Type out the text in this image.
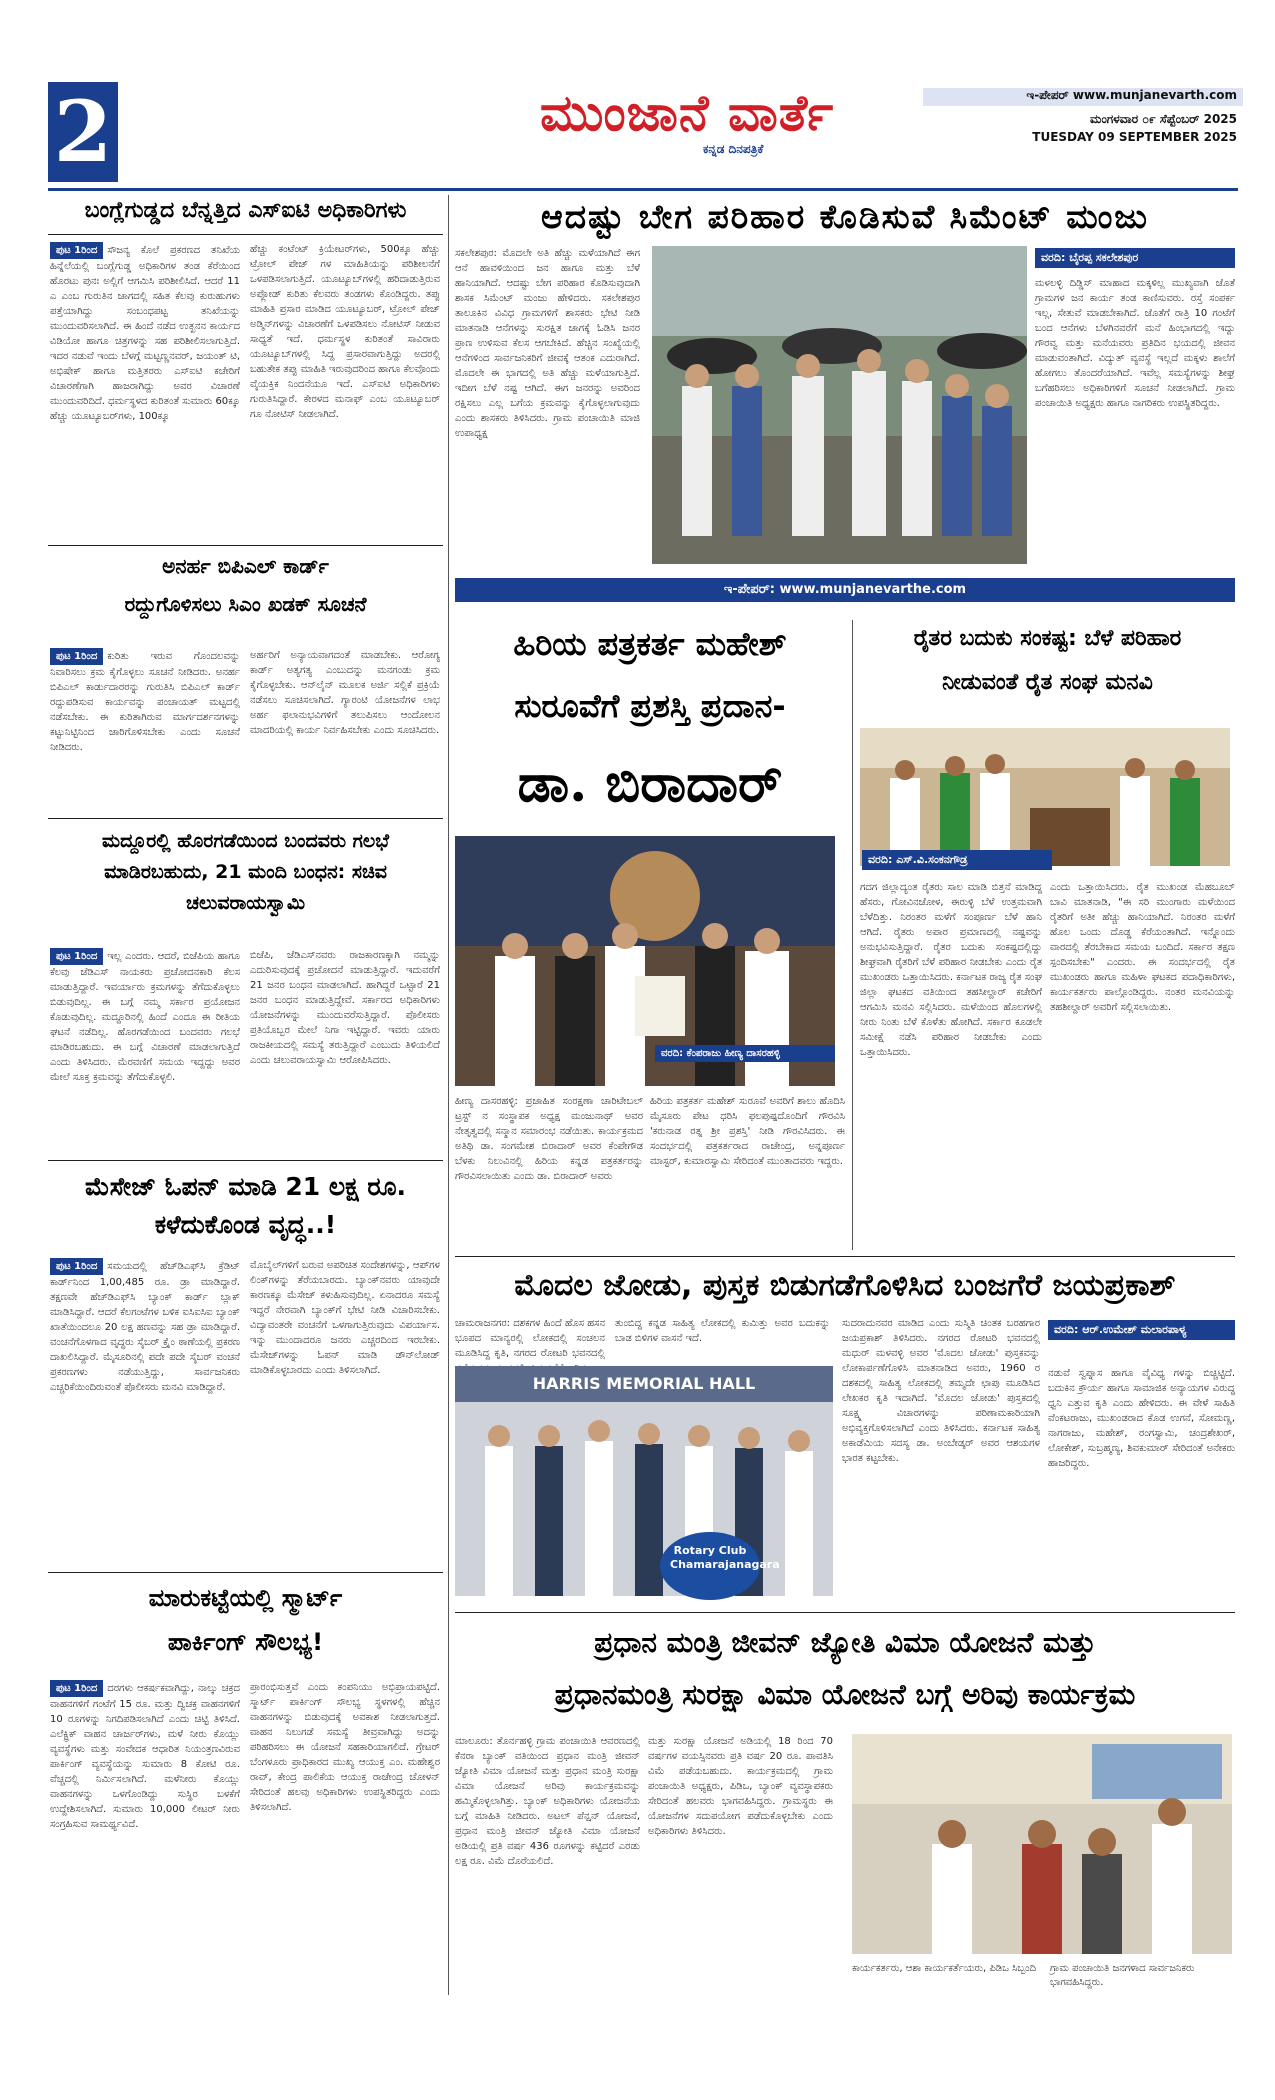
2	ಮುಂಜಾನೆ ವಾರ್ತೆ
ಕನ್ನಡ ದಿನಪತ್ರಿಕೆ
ಇ-ಪೇಪರ್ www.munjanevarth.com
ಮಂಗಳವಾರ ೦೯ ಸೆಪ್ಟೆಂಬರ್ 2025
TUESDAY 09 SEPTEMBER 2025
ಬಂಗ್ಲೆಗುಡ್ಡದ ಬೆನ್ನತ್ತಿದ ಎಸ್‌ಐಟಿ ಅಧಿಕಾರಿಗಳು
ಪುಟ 1ರಿಂದ ಸೌಜನ್ಯ ಕೊಲೆ ಪ್ರಕರಣದ ತನಿಖೆಯ ಹಿನ್ನೆಲೆಯಲ್ಲಿ ಬಂಗ್ಲೆಗುಡ್ಡ ಅಧಿಕಾರಿಗಳ ತಂಡ ಕೆರೆಯಿಂದ ಹೊರಟು ಪುನಃ ಅಲ್ಲಿಗೆ ಆಗಮಿಸಿ ಪರಿಶೀಲಿಸಿದೆ. ಆದರೆ 11 ಎ ಎಂಬ ಗುರುತಿನ ಜಾಗದಲ್ಲಿ ಸಹಿತ ಕೆಲವು ಕುರುಹುಗಳು ಪತ್ತೆಯಾಗಿದ್ದು ಸಂಬಂಧಪಟ್ಟ ತನಿಖೆಯನ್ನು ಮುಂದುವರಿಸಲಾಗಿದೆ. ಈ ಹಿಂದೆ ನಡೆದ ಉತ್ಖನನ ಕಾರ್ಯದ ವಿಡಿಯೋ ಹಾಗೂ ಚಿತ್ರಗಳನ್ನು ಸಹ ಪರಿಶೀಲಿಸಲಾಗುತ್ತಿದೆ. ಇದರ ನಡುವೆ ಇಂದು ಬೆಳಗ್ಗೆ ಮಟ್ಟಣ್ಣನವರ್, ಜಯಂತ್ ಟಿ, ಅಭಿಷೇಕ್ ಹಾಗೂ ಮತ್ತಿತರರು ಎಸ್‌ಐಟಿ ಕಚೇರಿಗೆ ವಿಚಾರಣೆಗಾಗಿ ಹಾಜರಾಗಿದ್ದು ಅವರ ವಿಚಾರಣೆ ಮುಂದುವರಿದಿದೆ. ಧರ್ಮಸ್ಥಳದ ಕುರಿತಂತೆ ಸುಮಾರು 60ಕ್ಕೂ ಹೆಚ್ಚು ಯೂಟ್ಯೂಬರ್‌ಗಳು, 100ಕ್ಕೂ
ಹೆಚ್ಚು ಕಂಟೆಂಟ್ ಕ್ರಿಯೇಟರ್‌ಗಳು, 500ಕ್ಕೂ ಹೆಚ್ಚು ಟ್ರೋಲ್ ಪೇಜ್ ಗಳ ಮಾಹಿತಿಯನ್ನು ಪರಿಶೀಲನೆಗೆ ಒಳಪಡಿಸಲಾಗುತ್ತಿದೆ. ಯೂಟ್ಯೂಬ್‌ಗಳಲ್ಲಿ ಹರಿದಾಡುತ್ತಿರುವ ಅಪ್ಲೋಡ್ ಕುರಿತು ಕೆಲವರು ತಂಡಗಳು ಕೊಂಡಿದ್ದರು. ತಪ್ಪು ಮಾಹಿತಿ ಪ್ರಸಾರ ಮಾಡಿದ ಯೂಟ್ಯೂಬರ್, ಟ್ರೋಲ್ ಪೇಜ್ ಅಡ್ಮಿನ್‌ಗಳನ್ನು ವಿಚಾರಣೆಗೆ ಒಳಪಡಿಸಲು ನೋಟಿಸ್ ನೀಡುವ ಸಾಧ್ಯತೆ ಇದೆ. ಧರ್ಮಸ್ಥಳ ಕುರಿತಂತೆ ಸಾವಿರಾರು ಯೂಟ್ಯೂಬ್‌ಗಳಲ್ಲಿ ಸಿದ್ದ ಪ್ರಸಾರವಾಗುತ್ತಿದ್ದು ಅದರಲ್ಲಿ ಬಹುತೇಕ ತಪ್ಪು ಮಾಹಿತಿ ಇರುವುದರಿಂದ ಹಾಗೂ ಕೆಲವೊಂದು ವೈಯಕ್ತಿಕ ನಿಂದನೆಯೂ ಇದೆ. ಎಸ್‌ಐಟಿ ಅಧಿಕಾರಿಗಳು ಗುರುತಿಸಿದ್ದಾರೆ. ಕೇರಳದ ಮನಾಫ್ ಎಂಬ ಯೂಟ್ಯೂಬರ್ ಗೂ ನೋಟಿಸ್ ನೀಡಲಾಗಿದೆ.
ಅನರ್ಹ ಬಿಪಿಎಲ್ ಕಾರ್ಡ್
ರದ್ದುಗೊಳಿಸಲು ಸಿಎಂ ಖಡಕ್ ಸೂಚನೆ
ಪುಟ 1ರಿಂದ ಕುರಿತು ಇರುವ ಗೊಂದಲವನ್ನು ನಿವಾರಿಸಲು ಕ್ರಮ ಕೈಗೊಳ್ಳಲು ಸೂಚನೆ ನೀಡಿದರು. ಅನರ್ಹ ಬಿಪಿಎಲ್ ಕಾರ್ಡುದಾರರನ್ನು ಗುರುತಿಸಿ ಬಿಪಿಎಲ್ ಕಾರ್ಡ್ ರದ್ದುಪಡಿಸುವ ಕಾರ್ಯವನ್ನು ಪಂಚಾಯತ್ ಮಟ್ಟದಲ್ಲಿ ನಡೆಸಬೇಕು. ಈ ಕುರಿತಾಗಿರುವ ಮಾರ್ಗದರ್ಶನಗಳನ್ನು ಕಟ್ಟುನಿಟ್ಟಿನಿಂದ ಜಾರಿಗೊಳಿಸಬೇಕು ಎಂದು ಸೂಚನೆ ನೀಡಿದರು.
ಅರ್ಹರಿಗೆ ಅನ್ಯಾಯವಾಗದಂತೆ ಮಾಡಬೇಕು. ಆರೋಗ್ಯ ಕಾರ್ಡ್ ಅತ್ಯಗತ್ಯ ಎಂಬುದನ್ನು ಮನಗಂಡು ಕ್ರಮ ಕೈಗೊಳ್ಳಬೇಕು. ಆನ್‌ಲೈನ್ ಮೂಲಕ ಅರ್ಜಿ ಸಲ್ಲಿಕೆ ಪ್ರಕ್ರಿಯೆ ನಡೆಸಲು ಸೂಚಿಸಲಾಗಿದೆ. ಗ್ಯಾರಂಟಿ ಯೋಜನೆಗಳ ಲಾಭ ಅರ್ಹ ಫಲಾನುಭವಿಗಳಿಗೆ ತಲುಪಿಸಲು ಆಂದೋಲನ ಮಾದರಿಯಲ್ಲಿ ಕಾರ್ಯ ನಿರ್ವಹಿಸಬೇಕು ಎಂದು ಸೂಚಿಸಿದರು.
ಮದ್ದೂರಲ್ಲಿ ಹೊರಗಡೆಯಿಂದ ಬಂದವರು ಗಲಭೆ ಮಾಡಿರಬಹುದು, 21 ಮಂದಿ ಬಂಧನ: ಸಚಿವ ಚಲುವರಾಯಸ್ವಾಮಿ
ಪುಟ 1ರಿಂದ ಇಲ್ಲ ಎಂದರು. ಆದರೆ, ಬಿಜೆಪಿಯ ಹಾಗೂ ಕೆಲವು ಜೆಡಿಎಸ್ ನಾಯಕರು ಪ್ರಚೋದನಕಾರಿ ಕೆಲಸ ಮಾಡುತ್ತಿದ್ದಾರೆ. ಇವರ್ಯಾರು ಕ್ರಮಗಳನ್ನು ತೆಗೆದುಕೊಳ್ಳಲು ಬಿಡುವುದಿಲ್ಲ. ಈ ಬಗ್ಗೆ ನಮ್ಮ ಸರ್ಕಾರ ಪ್ರಯೋಜನ ಕೊಡುವುದಿಲ್ಲ. ಮದ್ದೂರಿನಲ್ಲಿ ಹಿಂದೆ ಎಂದೂ ಈ ರೀತಿಯ ಘಟನೆ ನಡೆದಿಲ್ಲ. ಹೊರಗಡೆಯಿಂದ ಬಂದವರು ಗಲಭೆ ಮಾಡಿರಬಹುದು. ಈ ಬಗ್ಗೆ ವಿಚಾರಣೆ ಮಾಡಲಾಗುತ್ತಿದೆ ಎಂದು ತಿಳಿಸಿದರು. ಮೆರವಣಿಗೆ ಸಮಯ ಇದ್ದದ್ದು ಅವರ ಮೇಲೆ ಸೂಕ್ತ ಕ್ರಮವನ್ನು ತೆಗೆದುಕೊಳ್ಳಲಿ.
ಬಿಜೆಪಿ, ಜೆಡಿಎಸ್‌ನವರು ರಾಜಕಾರಣಕ್ಕಾಗಿ ನಮ್ಮನ್ನು ಎದುರಿಸುವುದಕ್ಕೆ ಪ್ರಚೋದನೆ ಮಾಡುತ್ತಿದ್ದಾರೆ. ಇದುವರೆಗೆ 21 ಜನರ ಬಂಧನ ಮಾಡಲಾಗಿದೆ. ಹಾಗಿದ್ದರೆ ಒಟ್ಟಾರೆ 21 ಜನರ ಬಂಧನ ಮಾಡುತ್ತಿದ್ದೇವೆ. ಸರ್ಕಾರದ ಅಧಿಕಾರಿಗಳು ಯೋಜನೆಗಳನ್ನು ಮುಂದುವರೆಸುತ್ತಿದ್ದಾರೆ. ಪೊಲೀಸರು ಪ್ರತಿಯೊಬ್ಬರ ಮೇಲೆ ನಿಗಾ ಇಟ್ಟಿದ್ದಾರೆ. ಇವರು ಯಾರು ರಾಜಕೀಯದಲ್ಲಿ ಸಮಸ್ಯೆ ತರುತ್ತಿದ್ದಾರೆ ಎಂಬುದು ತಿಳಿಯಲಿದೆ ಎಂದು ಚಲುವರಾಯಸ್ವಾಮಿ ಆರೋಪಿಸಿದರು.
ಮೆಸೇಜ್ ಓಪನ್ ಮಾಡಿ 21 ಲಕ್ಷ ರೂ. ಕಳೆದುಕೊಂಡ ವೃದ್ಧ..!
ಪುಟ 1ರಿಂದ ಸಮಯದಲ್ಲಿ ಹೆಚ್‌ಡಿಎಫ್‌ಸಿ ಕ್ರೆಡಿಟ್ ಕಾರ್ಡ್‌ನಿಂದ 1,00,485 ರೂ. ಡ್ರಾ ಮಾಡಿದ್ದಾರೆ. ತಕ್ಷಣವೇ ಹೆಚ್‌ಡಿಎಫ್‌ಸಿ ಬ್ಯಾಂಕ್ ಕಾರ್ಡ್ ಬ್ಲಾಕ್ ಮಾಡಿಸಿದ್ದಾರೆ. ಆದರೆ ಕೆಲಗಂಟೆಗಳ ಬಳಿಕ ಐಸಿಐಸಿಐ ಬ್ಯಾಂಕ್ ಖಾತೆಯಿಂದಲೂ 20 ಲಕ್ಷ ಹಣವನ್ನು ಸಹ ಡ್ರಾ ಮಾಡಿದ್ದಾರೆ. ವಂಚನೆಗೊಳಗಾದ ವೃದ್ಧರು ಸೈಬರ್ ಕ್ರೈಂ ಠಾಣೆಯಲ್ಲಿ ಪ್ರಕರಣ ದಾಖಲಿಸಿದ್ದಾರೆ. ಮೈಸೂರಿನಲ್ಲಿ ಪದೇ ಪದೇ ಸೈಬರ್ ವಂಚನೆ ಪ್ರಕರಣಗಳು ನಡೆಯುತ್ತಿದ್ದು, ಸಾರ್ವಜನಿಕರು ಎಚ್ಚರಿಕೆಯಿಂದಿರುವಂತೆ ಪೊಲೀಸರು ಮನವಿ ಮಾಡಿದ್ದಾರೆ.
ಮೊಬೈಲ್‌ಗಳಿಗೆ ಬರುವ ಅಪರಿಚಿತ ಸಂದೇಶಗಳನ್ನು, ಆಪ್‌ಗಳ ಲಿಂಕ್‌ಗಳನ್ನು ತೆರೆಯಬಾರದು. ಬ್ಯಾಂಕ್‌ನವರು ಯಾವುದೇ ಕಾರಣಕ್ಕೂ ಮೆಸೇಜ್ ಕಳುಹಿಸುವುದಿಲ್ಲ. ಏನಾದರೂ ಸಮಸ್ಯೆ ಇದ್ದರೆ ನೇರವಾಗಿ ಬ್ಯಾಂಕ್‌ಗೆ ಭೇಟಿ ನೀಡಿ ವಿಚಾರಿಸಬೇಕು. ವಿದ್ಯಾವಂತರೇ ವಂಚನೆಗೆ ಒಳಗಾಗುತ್ತಿರುವುದು ವಿಪರ್ಯಾಸ. ಇನ್ನು ಮುಂದಾದರೂ ಜನರು ಎಚ್ಚರದಿಂದ ಇರಬೇಕು. ಮೆಸೇಜ್‌ಗಳನ್ನು ಓಪನ್ ಮಾಡಿ ಡೌನ್‌ಲೋಡ್ ಮಾಡಿಕೊಳ್ಳಬಾರದು ಎಂದು ತಿಳಿಸಲಾಗಿದೆ.
ಮಾರುಕಟ್ಟೆಯಲ್ಲಿ ಸ್ಮಾರ್ಟ್
ಪಾರ್ಕಿಂಗ್ ಸೌಲಭ್ಯ!
ಪುಟ 1ರಿಂದ ದರಗಳು ಆಕರ್ಷಕವಾಗಿದ್ದು, ನಾಲ್ಕು ಚಕ್ರದ ವಾಹನಗಳಿಗೆ ಗಂಟೆಗೆ 15 ರೂ. ಮತ್ತು ದ್ವಿಚಕ್ರ ವಾಹನಗಳಿಗೆ 10 ರೂಗಳನ್ನು ನಿಗದಿಪಡಿಸಲಾಗಿದೆ ಎಂದು ಚಿಟ್ಟಿ ತಿಳಿಸಿದೆ. ಎಲೆಕ್ಟ್ರಿಕ್ ವಾಹನ ಚಾರ್ಜರ್‌ಗಳು, ಮಳೆ ನೀರು ಕೊಯ್ಲು ವ್ಯವಸ್ಥೆಗಳು ಮತ್ತು ಸಂವೇದಕ ಆಧಾರಿತ ನಿಯಂತ್ರಣವಿರುವ ಪಾರ್ಕಿಂಗ್ ವ್ಯವಸ್ಥೆಯನ್ನು ಸುಮಾರು 8 ಕೋಟಿ ರೂ. ವೆಚ್ಚದಲ್ಲಿ ನಿರ್ಮಿಸಲಾಗಿದೆ. ಮಳೆನೀರು ಕೊಯ್ಲು ವಾಹನಗಳನ್ನು ಒಳಗೊಂಡಿದ್ದು ಸುಸ್ಥಿರ ಬಳಕೆಗೆ ಉದ್ದೇಶಿಸಲಾಗಿದೆ. ಸುಮಾರು 10,000 ಲೀಟರ್ ನೀರು ಸಂಗ್ರಹಿಸುವ ಸಾಮರ್ಥ್ಯವಿದೆ.
ಪ್ರಾರಂಭಿಸುತ್ತವೆ ಎಂದು ಕಂಪನಿಯು ಅಭಿಪ್ರಾಯಪಟ್ಟಿದೆ. ಸ್ಮಾರ್ಟ್ ಪಾರ್ಕಿಂಗ್ ಸೌಲಭ್ಯ ಸ್ಥಳಗಳಲ್ಲಿ ಹೆಚ್ಚಿನ ವಾಹನಗಳನ್ನು ಬಿಡುವುದಕ್ಕೆ ಅವಕಾಶ ನೀಡಲಾಗುತ್ತದೆ. ವಾಹನ ನಿಲುಗಡೆ ಸಮಸ್ಯೆ ತೀವ್ರವಾಗಿದ್ದು ಅದನ್ನು ಪರಿಹರಿಸಲು ಈ ಯೋಜನೆ ಸಹಕಾರಿಯಾಗಲಿದೆ. ಗ್ರೇಟರ್ ಬೆಂಗಳೂರು ಪ್ರಾಧಿಕಾರದ ಮುಖ್ಯ ಆಯುಕ್ತ ಎಂ. ಮಹೇಶ್ವರ ರಾವ್, ಕೇಂದ್ರ ಪಾಲಿಕೆಯ ಆಯುಕ್ತ ರಾಜೇಂದ್ರ ಚೋಳನ್ ಸೇರಿದಂತೆ ಹಲವು ಅಧಿಕಾರಿಗಳು ಉಪಸ್ಥಿತರಿದ್ದರು ಎಂದು ತಿಳಿಸಲಾಗಿದೆ.
ಆದಷ್ಟು ಬೇಗ ಪರಿಹಾರ ಕೊಡಿಸುವೆ ಸಿಮೆಂಟ್ ಮಂಜು
ಸಕಲೇಶಪುರ: ಮೊದಲೇ ಅತಿ ಹೆಚ್ಚು ಮಳೆಯಾಗಿದೆ ಈಗ ಆನೆ ಹಾವಳಿಯಿಂದ ಜನ ಹಾಗೂ ಮತ್ತು ಬೆಳೆ ಹಾನಿಯಾಗಿದೆ. ಆದಷ್ಟು ಬೇಗ ಪರಿಹಾರ ಕೊಡಿಸುವುದಾಗಿ ಶಾಸಕ ಸಿಮೆಂಟ್ ಮಂಜು ಹೇಳಿದರು. ಸಕಲೇಶಪುರ ತಾಲೂಕಿನ ವಿವಿಧ ಗ್ರಾಮಗಳಿಗೆ ಶಾಸಕರು ಭೇಟಿ ನೀಡಿ ಮಾತನಾಡಿ ಆನೆಗಳನ್ನು ಸುರಕ್ಷಿತ ಜಾಗಕ್ಕೆ ಓಡಿಸಿ ಜನರ ಪ್ರಾಣ ಉಳಿಸುವ ಕೆಲಸ ಆಗಬೇಕಿದೆ. ಹೆಚ್ಚಿನ ಸಂಖ್ಯೆಯಲ್ಲಿ ಆನೆಗಳಿಂದ ಸಾರ್ವಜನಿಕರಿಗೆ ಜೀವಕ್ಕೆ ಆತಂಕ ಎದುರಾಗಿದೆ. ಮೊದಲೇ ಈ ಭಾಗದಲ್ಲಿ ಅತಿ ಹೆಚ್ಚು ಮಳೆಯಾಗುತ್ತಿದೆ. ಇದೀಗ ಬೆಳೆ ನಷ್ಟ ಆಗಿದೆ. ಈಗ ಜನರನ್ನು ಅವರಿಂದ ರಕ್ಷಿಸಲು ಎಲ್ಲ ಬಗೆಯ ಕ್ರಮವನ್ನು ಕೈಗೊಳ್ಳಲಾಗುವುದು ಎಂದು ಶಾಸಕರು ತಿಳಿಸಿದರು. ಗ್ರಾಮ ಪಂಚಾಯಿತಿ ಮಾಜಿ ಉಪಾಧ್ಯಕ್ಷ
ವರದಿ: ಬೈರಪ್ಪ ಸಕಲೇಶಪುರ
ಮಳಲಳ್ಳಿ ದಿಡ್ಡಿಸ್ ಮಾಹಾದ ಮಕ್ಕಳಿಲ್ಲ ಮುಖ್ಯವಾಗಿ ಜೊತೆ ಗ್ರಾಮಗಳ ಜನ ಕಾರ್ಯ ತಂಡ ಕಾಣಿಸುವರು. ರಸ್ತೆ ಸಂಪರ್ಕ ಇಲ್ಲ, ಸೇತುವೆ ಮಾಡಬೇಕಾಗಿದೆ. ಜೊತೆಗೆ ರಾತ್ರಿ 10 ಗಂಟೆಗೆ ಬಂದ ಆನೆಗಳು ಬೆಳಗಿನವರೆಗೆ ಮನೆ ಹಿಂಭಾಗದಲ್ಲಿ ಇದ್ದು ಗೌರವ್ವ ಮತ್ತು ಮನೆಯವರು ಪ್ರತಿದಿನ ಭಯದಲ್ಲಿ ಜೀವನ ಮಾಡುವಂತಾಗಿದೆ. ವಿದ್ಯುತ್ ವ್ಯವಸ್ಥೆ ಇಲ್ಲದೆ ಮಕ್ಕಳು ಶಾಲೆಗೆ ಹೋಗಲು ತೊಂದರೆಯಾಗಿದೆ. ಇವೆಲ್ಲ ಸಮಸ್ಯೆಗಳನ್ನು ಶೀಘ್ರ ಬಗೆಹರಿಸಲು ಅಧಿಕಾರಿಗಳಿಗೆ ಸೂಚನೆ ನೀಡಲಾಗಿದೆ. ಗ್ರಾಮ ಪಂಚಾಯಿತಿ ಅಧ್ಯಕ್ಷರು ಹಾಗೂ ನಾಗರಿಕರು ಉಪಸ್ಥಿತರಿದ್ದರು.
ಇ-ಪೇಪರ್: www.munjanevarthe.com
ಹಿರಿಯ ಪತ್ರಕರ್ತ ಮಹೇಶ್
ಸುರೂವೆಗೆ ಪ್ರಶಸ್ತಿ ಪ್ರದಾನ-
ಡಾ. ಬಿರಾದಾರ್
ವರದಿ: ಕೆಂಪರಾಜು ಹೀಣ್ಯ ದಾಸರಹಳ್ಳಿ
ಹೀಣ್ಯ ದಾಸರಹಳ್ಳಿ: ಪ್ರಜಾಹಿತ ಸಂರಕ್ಷಣಾ ಚಾರಿಟೇಬಲ್ ಟ್ರಸ್ಟ್ ನ ಸಂಸ್ಥಾಪಕ ಅಧ್ಯಕ್ಷ ಮಂಜುನಾಥ್ ಅವರ ನೇತೃತ್ವದಲ್ಲಿ ಸನ್ಮಾನ ಸಮಾರಂಭ ನಡೆಯಿತು. ಕಾರ್ಯಕ್ರಮದ ಅತಿಥಿ ಡಾ. ಸಂಗಮೇಶ ಬಿರಾದಾರ್ ಅವರ ಕೆಂಪೇಗೌಡ ಬೆಳಕು ನಿಲುವಿನಲ್ಲಿ ಹಿರಿಯ ಕನ್ನಡ ಪತ್ರಕರ್ತರನ್ನು ಗೌರವಿಸಲಾಯಿತು ಎಂದು ಡಾ. ಬಿರಾದಾರ್ ಅವರು
ಹಿರಿಯ ಪತ್ರಕರ್ತ ಮಹೇಶ್ ಸುರೂವೆ ಅವರಿಗೆ ಶಾಲು ಹೊದಿಸಿ ಮೈಸೂರು ಪೇಟ ಧರಿಸಿ ಫಲಪುಷ್ಪದೊಂದಿಗೆ ಗೌರವಿಸಿ 'ಕರುನಾಡ ರತ್ನ ಶ್ರೀ ಪ್ರಶಸ್ತಿ' ನೀಡಿ ಗೌರವಿಸಿದರು. ಈ ಸಂದರ್ಭದಲ್ಲಿ ಪತ್ರಕರ್ತರಾದ ರಾಜೇಂದ್ರ, ಅನ್ನಪೂರ್ಣ ಮಾಸ್ಟರ್, ಕುಮಾರಸ್ವಾಮಿ ಸೇರಿದಂತೆ ಮುಂತಾದವರು ಇದ್ದರು.
ರೈತರ ಬದುಕು ಸಂಕಷ್ಟ: ಬೆಳೆ ಪರಿಹಾರ
ನೀಡುವಂತೆ ರೈತ ಸಂಘ ಮನವಿ
ವರದಿ: ಎಸ್.ವಿ.ಸಂಕನಗೌಡ್ರ
ಗದಗ ಜಿಲ್ಲಾದ್ಯಂತ ರೈತರು ಸಾಲ ಮಾಡಿ ಬಿತ್ತನೆ ಮಾಡಿದ್ದ ಹೆಸರು, ಗೋವಿನಜೋಳ, ಈರುಳ್ಳಿ ಬೆಳೆ ಉತ್ತಮವಾಗಿ ಬೆಳೆದಿತ್ತು. ನಿರಂತರ ಮಳೆಗೆ ಸಂಪೂರ್ಣ ಬೆಳೆ ಹಾನಿ ಆಗಿದೆ. ರೈತರು ಅಪಾರ ಪ್ರಮಾಣದಲ್ಲಿ ನಷ್ಟವನ್ನು ಅನುಭವಿಸುತ್ತಿದ್ದಾರೆ. ರೈತರ ಬದುಕು ಸಂಕಷ್ಟದಲ್ಲಿದ್ದು ಶೀಘ್ರವಾಗಿ ರೈತರಿಗೆ ಬೆಳೆ ಪರಿಹಾರ ನೀಡಬೇಕು ಎಂದು ರೈತ ಮುಖಂಡರು ಒತ್ತಾಯಿಸಿದರು. ಕರ್ನಾಟಕ ರಾಜ್ಯ ರೈತ ಸಂಘ ಜಿಲ್ಲಾ ಘಟಕದ ವತಿಯಿಂದ ತಹಸೀಲ್ದಾರ್ ಕಚೇರಿಗೆ ಆಗಮಿಸಿ ಮನವಿ ಸಲ್ಲಿಸಿದರು. ಮಳೆಯಿಂದ ಹೊಲಗಳಲ್ಲಿ ನೀರು ನಿಂತು ಬೆಳೆ ಕೊಳೆತು ಹೋಗಿದೆ. ಸರ್ಕಾರ ಕೂಡಲೇ ಸಮೀಕ್ಷೆ ನಡೆಸಿ ಪರಿಹಾರ ನೀಡಬೇಕು ಎಂದು ಒತ್ತಾಯಿಸಿದರು.
ಎಂದು ಒತ್ತಾಯಿಸಿದರು. ರೈತ ಮುಖಂಡ ಮೆಹಬೂಬ್ ಬಾವಿ ಮಾತನಾಡಿ, "ಈ ಸರಿ ಮುಂಗಾರು ಮಳೆಯಿಂದ ರೈತರಿಗೆ ಅತೀ ಹೆಚ್ಚು ಹಾನಿಯಾಗಿದೆ. ನಿರಂತರ ಮಳೆಗೆ ಹೊಲ ಒಂದು ದೊಡ್ಡ ಕೆರೆಯಂತಾಗಿದೆ. ಇನ್ನೊಂದು ವಾರದಲ್ಲಿ ತೆರಬೇಕಾದ ಸಮಯ ಬಂದಿದೆ. ಸರ್ಕಾರ ತಕ್ಷಣ ಸ್ಪಂದಿಸಬೇಕು" ಎಂದರು. ಈ ಸಂದರ್ಭದಲ್ಲಿ ರೈತ ಮುಖಂಡರು ಹಾಗೂ ಮಹಿಳಾ ಘಟಕದ ಪದಾಧಿಕಾರಿಗಳು, ಕಾರ್ಯಕರ್ತರು ಪಾಲ್ಗೊಂಡಿದ್ದರು. ನಂತರ ಮನವಿಯನ್ನು ತಹಶೀಲ್ದಾರ್ ಅವರಿಗೆ ಸಲ್ಲಿಸಲಾಯಿತು.
ಮೊದಲ ಜೋಡು, ಪುಸ್ತಕ ಬಿಡುಗಡೆಗೊಳಿಸಿದ ಬಂಜಗೆರೆ ಜಯಪ್ರಕಾಶ್
ಚಾಮರಾಜನಗರ: ದಶಕಗಳ ಹಿಂದೆ ಹೊಸ ಹಸನ ಭೂಪದ ಮಾನ್ಯರಲ್ಲಿ ಲೋಕದಲ್ಲಿ ಸಂಚಲನ ಮೂಡಿಸಿದ್ದ ಕೃತಿ, ನಗರದ ರೋಟರಿ ಭವನದಲ್ಲಿ
ತುಂಬಿದ್ದ ಕನ್ನಡ ಸಾಹಿತ್ಯ ಲೋಕದಲ್ಲಿ ಕುಮಿತ್ತು ಅವರ ಬದುಕನ್ನು ಬಾಡ ಬಿಳಿಗಳ ವಾಸನೆ ಇದೆ.
HARRIS MEMORIAL HALL
Rotary Club Chamarajanagara
ಸುದರಾದುನವರ ಮಾಡಿದ ಎಂದು ಸುಸ್ಮಿತಿ ಚಿಂತಕ ಬರಹಗಾರ ಜಯಪ್ರಕಾಶ್ ತಿಳಿಸಿದರು. ನಗರದ ರೋಟರಿ ಭವನದಲ್ಲಿ ಮಧುರ್ ಮಳವಳ್ಳಿ ಅವರ 'ಮೊದಲ ಜೋಡು' ಪುಸ್ತಕವನ್ನು ಲೋಕಾರ್ಪಣೆಗೊಳಿಸಿ ಮಾತನಾಡಿದ ಅವರು, 1960 ರ ದಶಕದಲ್ಲಿ ಸಾಹಿತ್ಯ ಲೋಕದಲ್ಲಿ ತಮ್ಮದೇ ಛಾಪು ಮೂಡಿಸಿದ ಲೇಖಕರ ಕೃತಿ ಇದಾಗಿದೆ. 'ಮೊದಲ ಜೋಡು' ಪುಸ್ತಕದಲ್ಲಿ ಸೂಕ್ಷ್ಮ ವಿಚಾರಗಳನ್ನು ಪರಿಣಾಮಕಾರಿಯಾಗಿ ಅಭಿವ್ಯಕ್ತಗೊಳಿಸಲಾಗಿದೆ ಎಂದು ತಿಳಿಸಿದರು. ಕರ್ನಾಟಕ ಸಾಹಿತ್ಯ ಅಕಾಡೆಮಿಯ ಸದಸ್ಯ ಡಾ. ಅಂಬೇಡ್ಕರ್ ಅವರ ಆಶಯಗಳ ಭಾರತ ಕಟ್ಟಬೇಕು.
ವರದಿ: ಆರ್.ಉಮೇಶ್ ಮಲಾರಪಾಳ್ಯ
ನಡುವೆ ಸ್ವಪ್ನಾಸ ಹಾಗೂ ವೈವಿಧ್ಯ ಗಳನ್ನು ಬಿಚ್ಚಿಟ್ಟಿದೆ. ಬದುಕಿನ ಕ್ರೌರ್ಯ ಹಾಗೂ ಸಾಮಾಜಿಕ ಅನ್ಯಾಯಗಳ ವಿರುದ್ಧ ಧ್ವನಿ ಎತ್ತುವ ಕೃತಿ ಎಂದು ಹೇಳಿದರು. ಈ ವೇಳೆ ಸಾಹಿತಿ ವೆಂಕಟರಾಜು, ಮುಖಂಡರಾದ ಕೊಡ ಉಗನೆ, ಸೋಮಣ್ಣ, ನಾಗರಾಜು, ಮಹೇಶ್, ರಂಗಸ್ವಾಮಿ, ಚಂದ್ರಶೇಖರ್, ಲೋಕೇಶ್, ಸುಬ್ರಹ್ಮಣ್ಯ, ಶಿವಕುಮಾರ್ ಸೇರಿದಂತೆ ಅನೇಕರು ಹಾಜರಿದ್ದರು.
ಪ್ರಧಾನ ಮಂತ್ರಿ ಜೀವನ್ ಜ್ಯೋತಿ ವಿಮಾ ಯೋಜನೆ ಮತ್ತು
ಪ್ರಧಾನಮಂತ್ರಿ ಸುರಕ್ಷಾ ವಿಮಾ ಯೋಜನೆ ಬಗ್ಗೆ ಅರಿವು ಕಾರ್ಯಕ್ರಮ
ಮಾಲೂರು: ತೊರ್ನಹಳ್ಳಿ ಗ್ರಾಮ ಪಂಚಾಯಿತಿ ಆವರಣದಲ್ಲಿ ಕೆನರಾ ಬ್ಯಾಂಕ್ ವತಿಯಿಂದ ಪ್ರಧಾನ ಮಂತ್ರಿ ಜೀವನ್ ಜ್ಯೋತಿ ವಿಮಾ ಯೋಜನೆ ಮತ್ತು ಪ್ರಧಾನ ಮಂತ್ರಿ ಸುರಕ್ಷಾ ವಿಮಾ ಯೋಜನೆ ಅರಿವು ಕಾರ್ಯಕ್ರಮವನ್ನು ಹಮ್ಮಿಕೊಳ್ಳಲಾಗಿತ್ತು. ಬ್ಯಾಂಕ್ ಅಧಿಕಾರಿಗಳು ಯೋಜನೆಯ ಬಗ್ಗೆ ಮಾಹಿತಿ ನೀಡಿದರು. ಅಟಲ್ ಪೆನ್ಷನ್ ಯೋಜನೆ, ಪ್ರಧಾನ ಮಂತ್ರಿ ಜೀವನ್ ಜ್ಯೋತಿ ವಿಮಾ ಯೋಜನೆ ಅಡಿಯಲ್ಲಿ ಪ್ರತಿ ವರ್ಷ 436 ರೂಗಳನ್ನು ಕಟ್ಟಿದರೆ ಎರಡು ಲಕ್ಷ ರೂ. ವಿಮೆ ದೊರೆಯಲಿದೆ.
ಮತ್ತು ಸುರಕ್ಷಾ ಯೋಜನೆ ಅಡಿಯಲ್ಲಿ 18 ರಿಂದ 70 ವರ್ಷಗಳ ವಯಸ್ಸಿನವರು ಪ್ರತಿ ವರ್ಷ 20 ರೂ. ಪಾವತಿಸಿ ವಿಮೆ ಪಡೆಯಬಹುದು. ಕಾರ್ಯಕ್ರಮದಲ್ಲಿ ಗ್ರಾಮ ಪಂಚಾಯಿತಿ ಅಧ್ಯಕ್ಷರು, ಪಿಡಿಒ, ಬ್ಯಾಂಕ್ ವ್ಯವಸ್ಥಾಪಕರು ಸೇರಿದಂತೆ ಹಲವರು ಭಾಗವಹಿಸಿದ್ದರು. ಗ್ರಾಮಸ್ಥರು ಈ ಯೋಜನೆಗಳ ಸದುಪಯೋಗ ಪಡೆದುಕೊಳ್ಳಬೇಕು ಎಂದು ಅಧಿಕಾರಿಗಳು ತಿಳಿಸಿದರು.
ಕಾರ್ಯಕರ್ತರು, ಆಶಾ ಕಾರ್ಯಕರ್ತೆಯರು, ಪಿಡಿಒ ಸಿಬ್ಬಂದಿ	ಗ್ರಾಮ ಪಂಚಾಯಿತಿ ಜನಗಳಾದ ಸಾರ್ವಜನಿಕರು ಭಾಗವಹಿಸಿದ್ದರು.
